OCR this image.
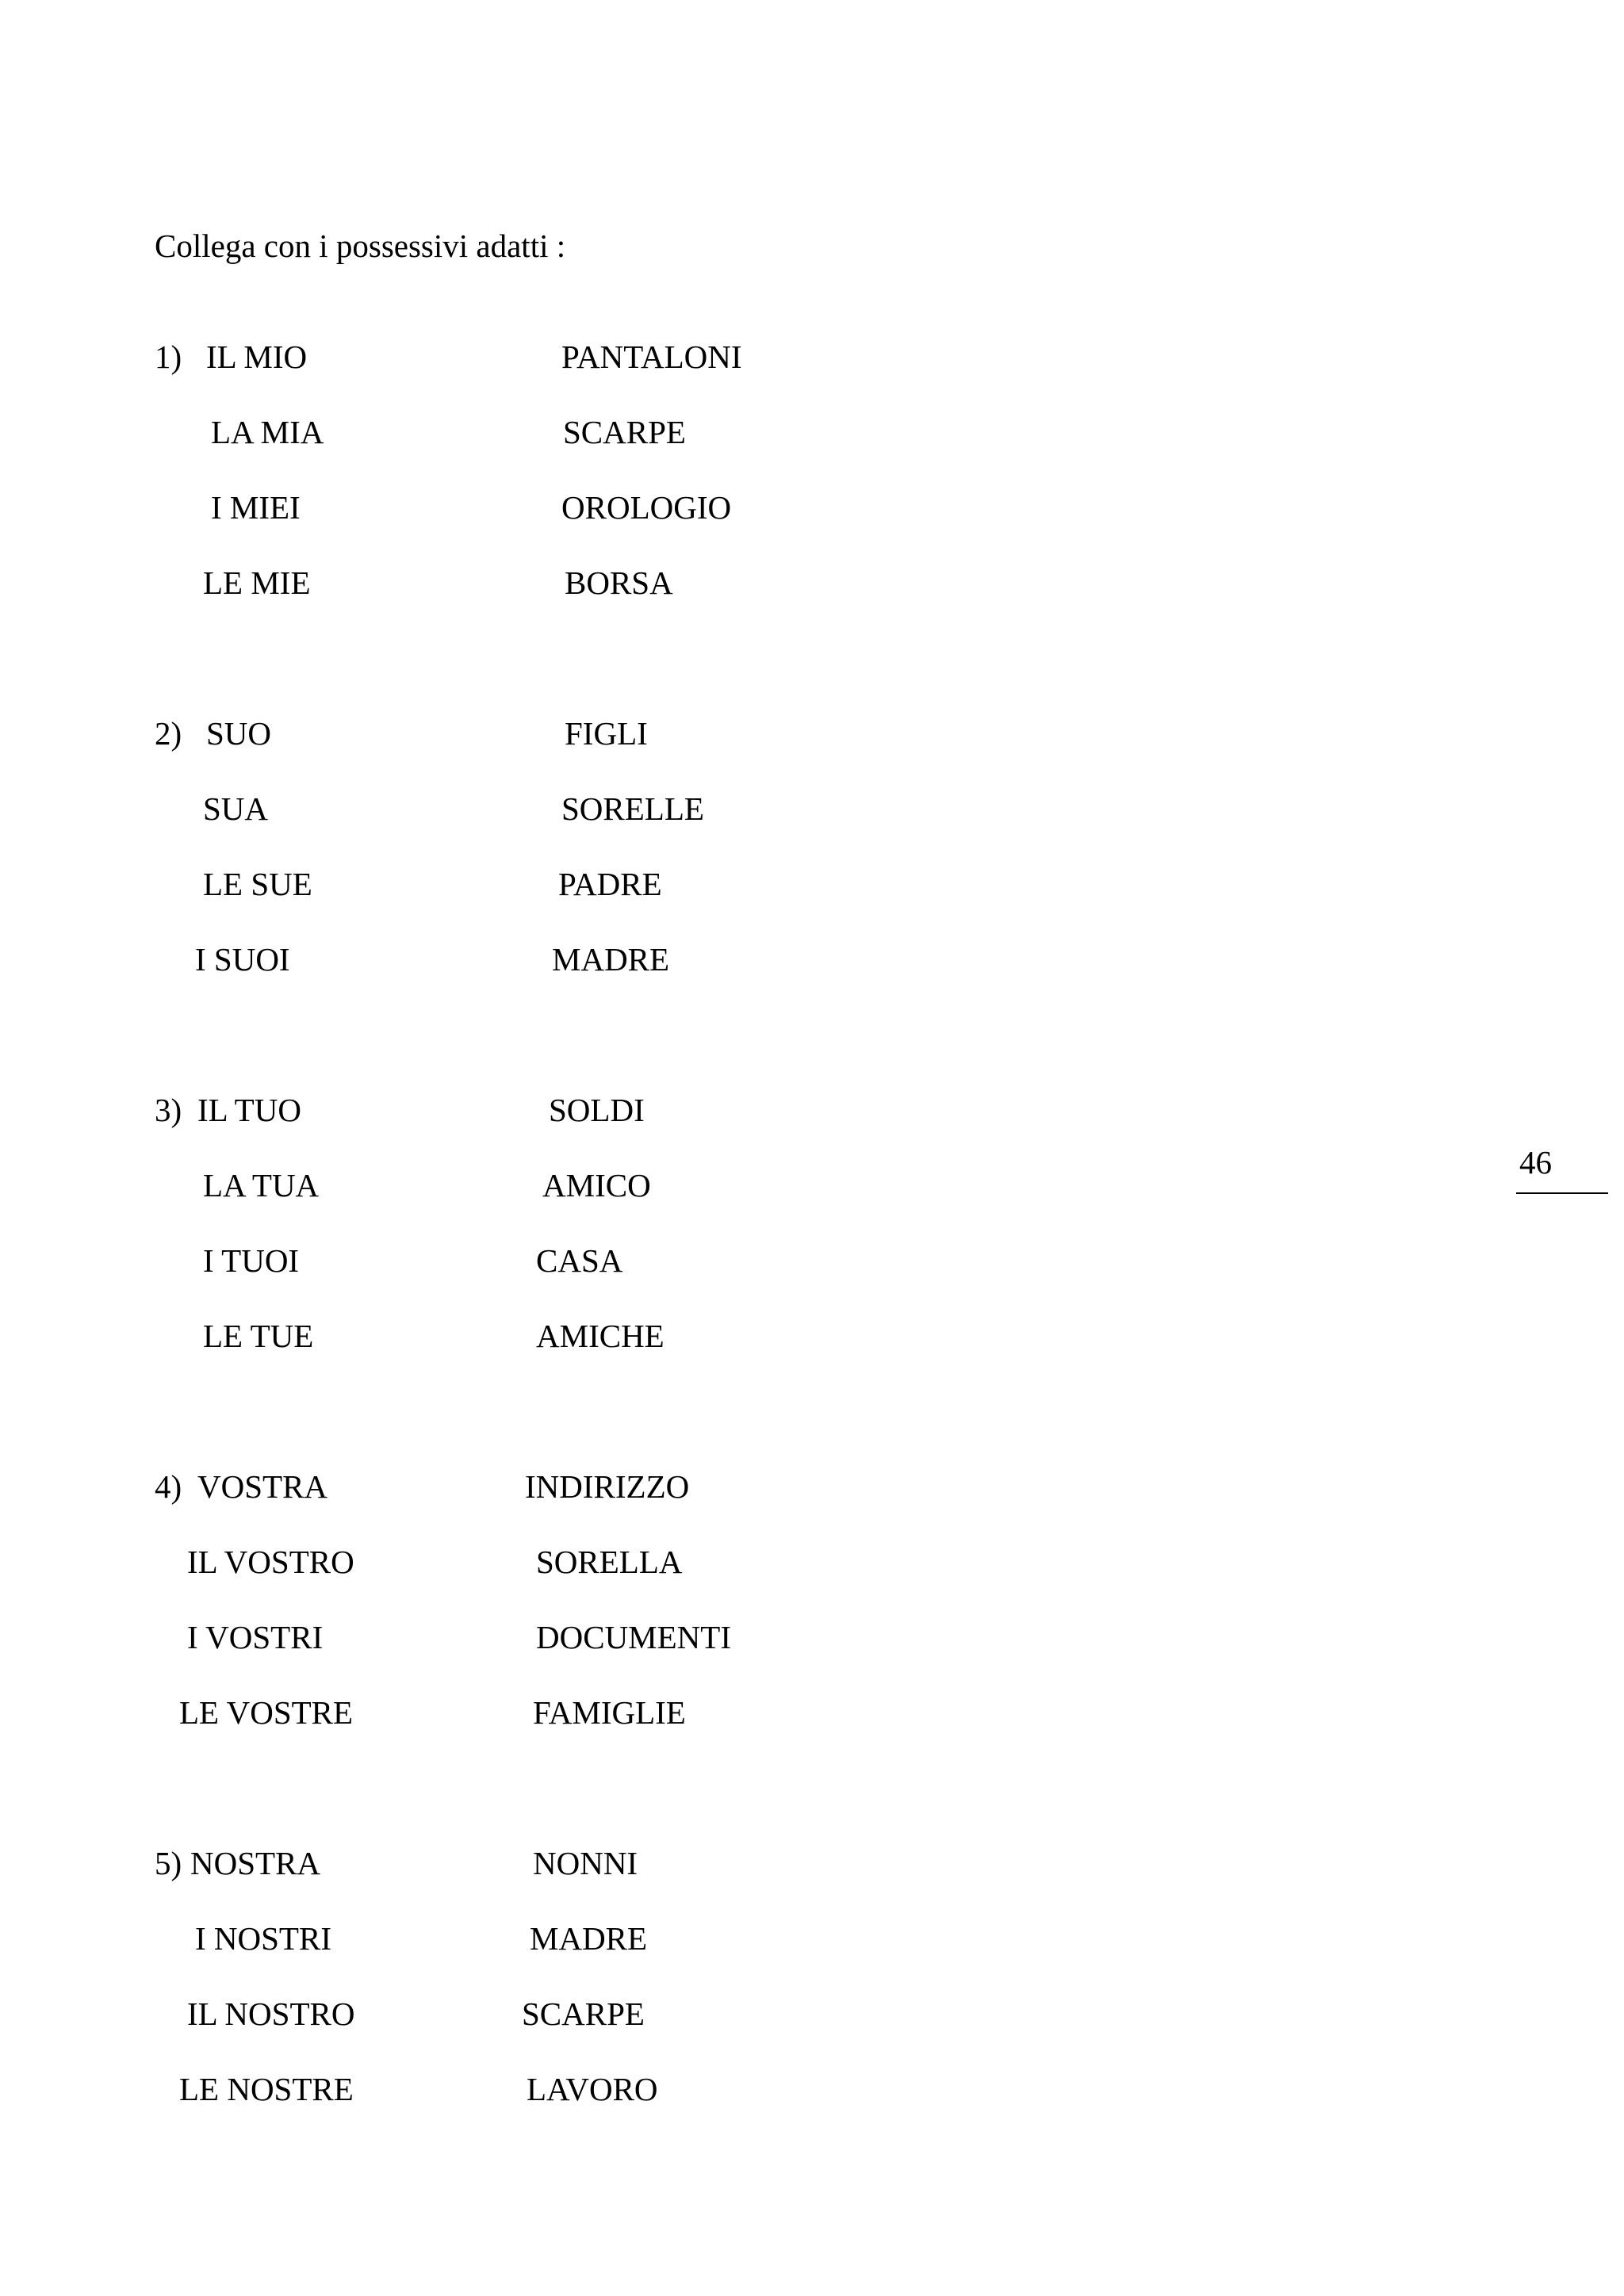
Collega con i possessivi adatti :
1) IL MIO	PANTALONI
LA MIA	SCARPE
I MIEI	OROLOGIO
LE MIE	BORSA
2) SUO	FIGLI
SUA	SORELLE
LE SUE	PADRE
I SUOI	MADRE
3) IL TUO	SOLDI
LA TUA	AMICO
I TUOI	CASA
LE TUE	AMICHE
4) VOSTRA	INDIRIZZO
IL VOSTRO	SORELLA
I VOSTRI	DOCUMENTI
LE VOSTRE	FAMIGLIE
5) NOSTRA	NONNI
I NOSTRI	MADRE
IL NOSTRO	SCARPE
LE NOSTRE	LAVORO
46
